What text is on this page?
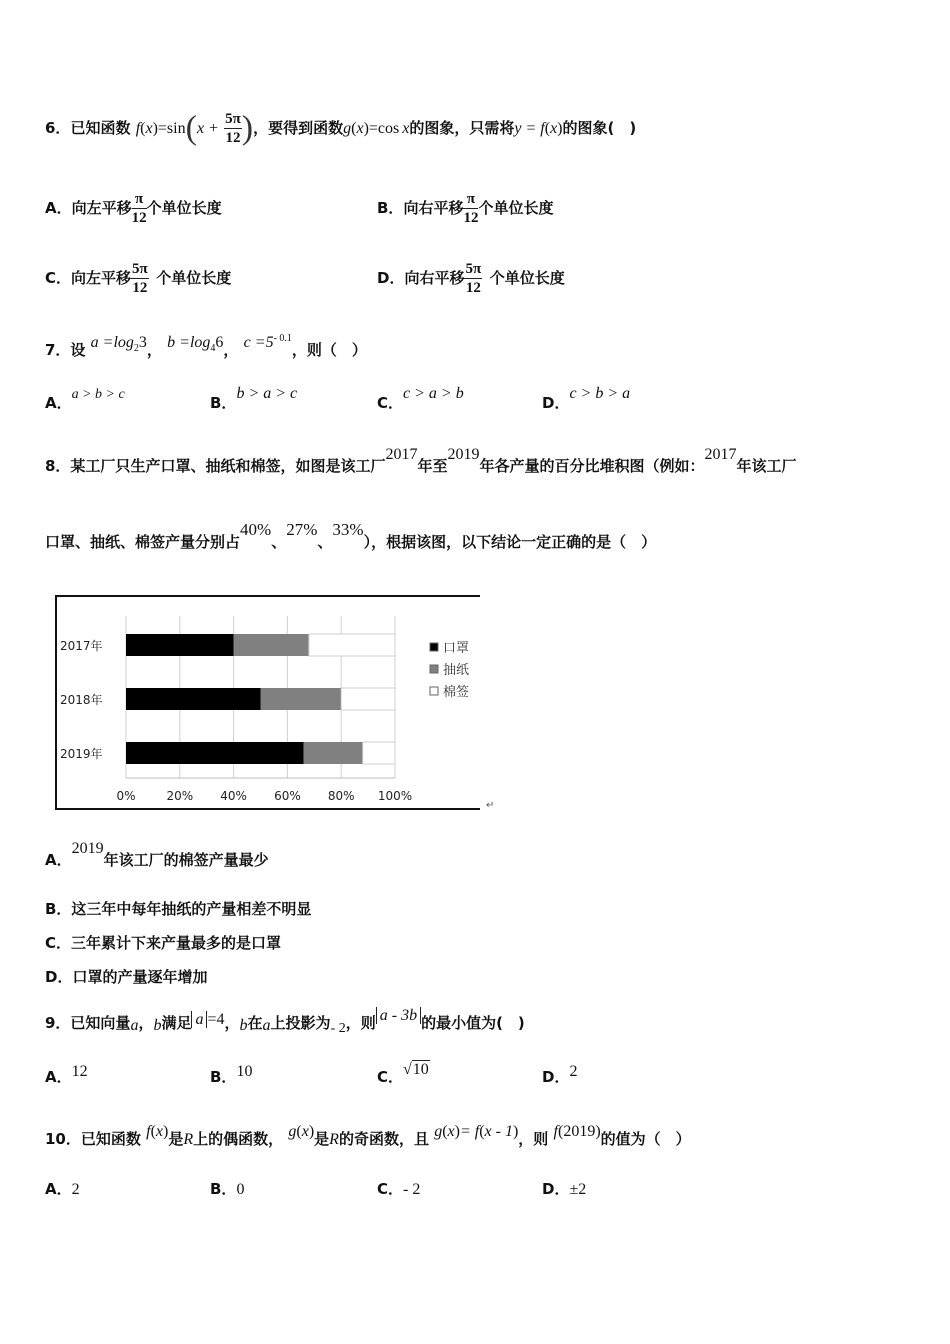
6．已知函数 $f(x)=\sin(x + \frac{5\pi}{12}$ )，要得到函数g(x)=cos  x的图象，只需将y = f(x)的图象(　)
A．向左平移 $\frac{\pi}{12}$ 个单位长度	B．向右平移 $\frac{\pi}{12}$ 个单位长度
C．向左平移 $\frac{5\pi}{12}$
  个单位长度	D．向右平移 $\frac{5\pi}{12}$
  个单位长度
7．设 $a =\log_23$， $b =\log_46$， $c =5^{- 0.1}$，则（　）
A．a > b > c	B．b > a > c
C．c > a > b
D．c > b > a
8．某工厂只生产口罩、抽纸和棉签，如图是该工厂2017年至2019年各产量的百分比堆积图（例如：2017年该工厂
口罩、抽纸、棉签产量分别占40%、27%、33%），根据该图，以下结论一定正确的是（　）
2017年
2018年
2019年
0%	20% 40% 60% 80% 100%
口罩
抽纸
棉签
↵
A．2019年该工厂的棉签产量最少
B．这三年中每年抽纸的产量相差不明显
C．三年累计下来产量最多的是口罩
D．口罩的产量逐年增加
9．已知向量a，b满足 a =4，b在a上投影为- 2，则 a - 3b 的最小值为(　)
A．12	B．10	C．√10	D．2
10．已知函数 f(x)是R上的偶函数， g(x)是R的奇函数，且 g(x)= f(x - 1)，则 f(2019)的值为（　）
A．2	B．0	C．- 2	D．±2
